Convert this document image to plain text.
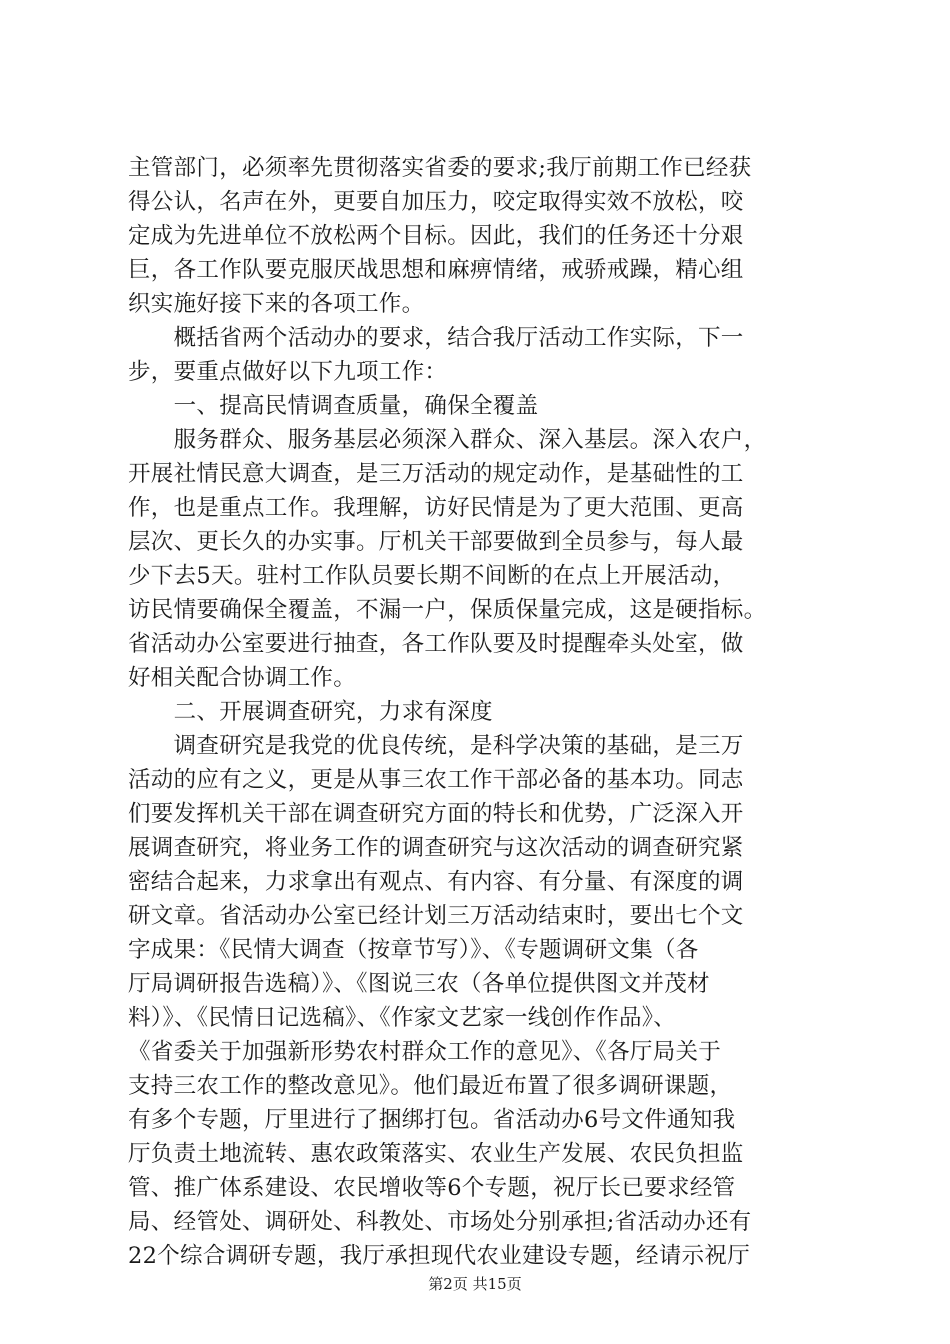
主管部门，必须率先贯彻落实省委的要求;我厅前期工作已经获
得公认，名声在外，更要自加压力，咬定取得实效不放松，咬
定成为先进单位不放松两个目标。因此，我们的任务还十分艰
巨，各工作队要克服厌战思想和麻痹情绪，戒骄戒躁，精心组
织实施好接下来的各项工作。
　　概括省两个活动办的要求，结合我厅活动工作实际，下一
步，要重点做好以下九项工作：
　　一、提高民情调查质量，确保全覆盖
　　服务群众、服务基层必须深入群众、深入基层。深入农户，
开展社情民意大调查，是三万活动的规定动作，是基础性的工
作，也是重点工作。我理解，访好民情是为了更大范围、更高
层次、更长久的办实事。厅机关干部要做到全员参与，每人最
少下去5天。驻村工作队员要长期不间断的在点上开展活动，
访民情要确保全覆盖，不漏一户，保质保量完成，这是硬指标。
省活动办公室要进行抽查，各工作队要及时提醒牵头处室，做
好相关配合协调工作。
　　二、开展调查研究，力求有深度
　　调查研究是我党的优良传统，是科学决策的基础，是三万
活动的应有之义，更是从事三农工作干部必备的基本功。同志
们要发挥机关干部在调查研究方面的特长和优势，广泛深入开
展调查研究，将业务工作的调查研究与这次活动的调查研究紧
密结合起来，力求拿出有观点、有内容、有分量、有深度的调
研文章。省活动办公室已经计划三万活动结束时，要出七个文
字成果：《民情大调查（按章节写）》、《专题调研文集（各
厅局调研报告选稿）》、《图说三农（各单位提供图文并茂材
料）》、《民情日记选稿》、《作家文艺家一线创作作品》、
《省委关于加强新形势农村群众工作的意见》、《各厅局关于
支持三农工作的整改意见》。他们最近布置了很多调研课题，
有多个专题，厅里进行了捆绑打包。省活动办6号文件通知我
厅负责土地流转、惠农政策落实、农业生产发展、农民负担监
管、推广体系建设、农民增收等6个专题，祝厅长已要求经管
局、经管处、调研处、科教处、市场处分别承担;省活动办还有
22个综合调研专题，我厅承担现代农业建设专题，经请示祝厅
第2页 共15页
